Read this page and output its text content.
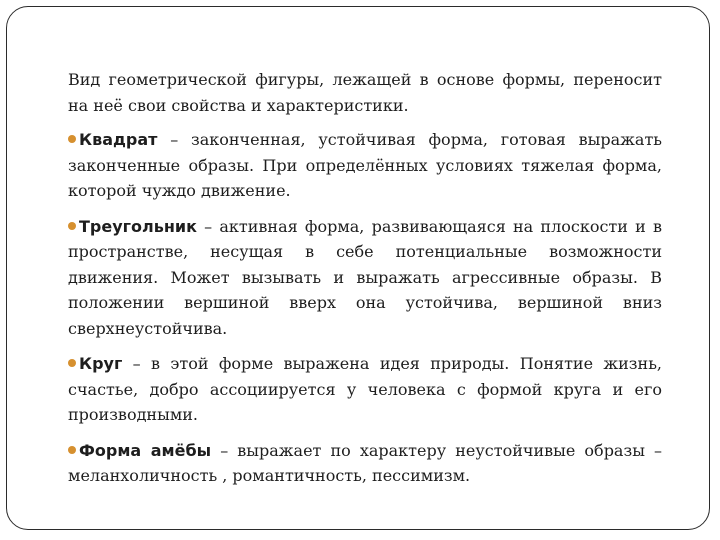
Вид геометрической фигуры, лежащей в основе формы, переносит на неё свои свойства и характеристики.

Квадрат – законченная, устойчивая форма, готовая выражать законченные образы. При определённых условиях тяжелая форма, которой чуждо движение.

Треугольник – активная форма, развивающаяся на плоскости и в пространстве, несущая в себе потенциальные возможности движения. Может вызывать и выражать агрессивные образы. В положении вершиной вверх она устойчива, вершиной вниз сверхнеустойчива.

Круг – в этой форме выражена идея природы. Понятие жизнь, счастье, добро ассоциируется у человека с формой круга и его производными.

Форма амёбы – выражает по характеру неустойчивые образы – меланхоличность , романтичность, пессимизм.
